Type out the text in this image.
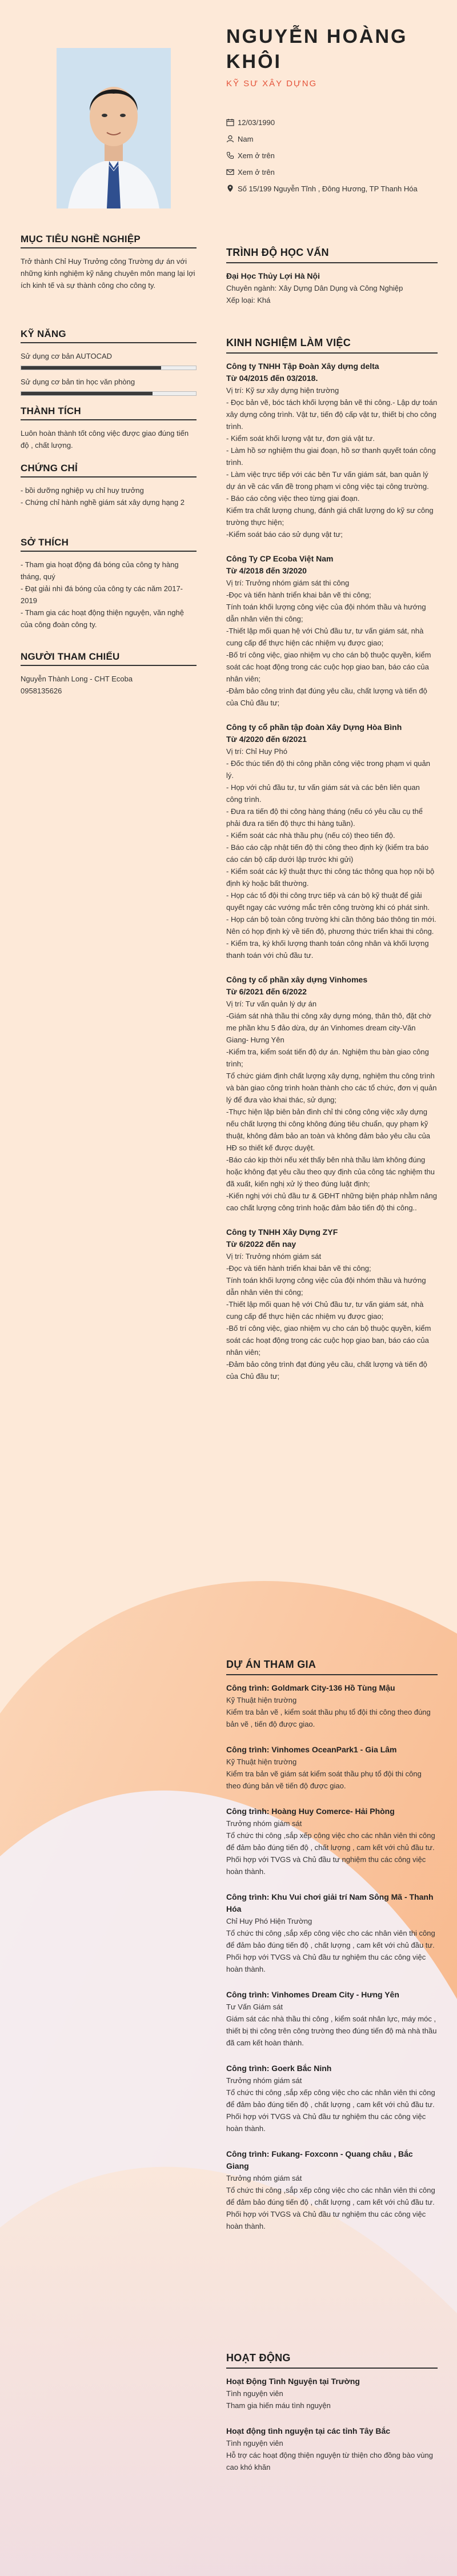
MỤC TIÊU NGHỀ NGHIỆP
Trở thành Chỉ Huy Trưởng công Trường dự án với những kinh nghiệm kỹ năng chuyên môn mang lại lợi ích kinh tế và sự thành công cho công ty.
KỸ NĂNG
Sử dụng cơ bản AUTOCAD
Sử dụng cơ bản tin học văn phòng
THÀNH TÍCH
Luôn hoàn thành tốt công việc được giao đúng tiến độ , chất lượng.
CHỨNG CHỈ
- bồi dưỡng nghiệp vụ chỉ huy trưởng
- Chứng chỉ hành nghề giám sát xây dựng hạng 2
SỞ THÍCH
- Tham gia hoạt động đá bóng của công ty hàng tháng, quý
- Đạt giải nhì đá bóng của công ty các năm 2017-2019
- Tham gia các hoạt động thiện nguyện, văn nghệ của công đoàn công ty.
NGƯỜI THAM CHIẾU
Nguyễn Thành Long - CHT Ecoba
0958135626
NGUYỄN HOÀNG KHÔI
KỸ SƯ XÂY DỰNG
12/03/1990
Nam
Xem ở trên
Xem ở trên
Số 15/199 Nguyễn Tĩnh , Đông Hương, TP Thanh Hóa
TRÌNH ĐỘ HỌC VẤN
Đại Học Thủy Lợi Hà Nội
Chuyên ngành: Xây Dựng Dân Dụng và Công Nghiệp
Xếp loại: Khá
KINH NGHIỆM LÀM VIỆC
Công ty TNHH Tập Đoàn Xây dựng delta
Từ 04/2015 đến 03/2018.
Vị trí: Kỹ sư xây dựng hiện trường
- Đọc bản vẽ, bóc tách khối lượng bản vẽ thi công.- Lập dự toán xây dựng công trình. Vật tư, tiến độ cấp vật tư, thiết bị cho công trình.
- Kiểm soát khối lượng vật tư, đơn giá vật tư.
- Làm hồ sơ nghiệm thu giai đoạn, hồ sơ thanh quyết toán công trình.
- Làm việc trực tiếp với các bên Tư vấn giám sát, ban quản lý dự án về các vấn đề trong phạm vi công việc tại công trường.
- Báo cáo công việc theo từng giai đoạn.
Kiểm tra chất lượng chung, đánh giá chất lượng do kỹ sư công trường thực hiện;
-Kiểm soát báo cáo sử dụng vật tư;
Công Ty CP Ecoba Việt Nam
Từ 4/2018 đến 3/2020
Vị trí: Trưởng nhóm giám sát thi công
-Đọc và tiến hành triển khai bản vẽ thi công;
Tính toán khối lượng công việc của đội nhóm thầu và hướng dẫn nhân viên thi công;
-Thiết lập mối quan hệ với Chủ đầu tư, tư vấn giám sát, nhà cung cấp để thực hiện các nhiệm vụ được giao;
-Bố trí công việc, giao nhiệm vụ cho cán bộ thuộc quyền, kiểm soát các hoạt động trong các cuộc họp giao ban, báo cáo của nhân viên;
-Đảm bảo công trình đạt đúng yêu cầu, chất lượng và tiến độ của Chủ đầu tư;
Công ty cổ phần tập đoàn Xây Dựng Hòa Bình
Từ 4/2020 đến 6/2021
Vị trí: Chỉ Huy Phó
- Đốc thúc tiến độ thi công phần công việc trong phạm vi quản lý.
- Họp với chủ đầu tư, tư vấn giám sát và các bên liên quan công trình.
- Đưa ra tiến độ thi công hàng tháng (nếu có yêu cầu cụ thể phải đưa ra tiến độ thực thi hàng tuần).
- Kiểm soát các nhà thầu phụ (nếu có) theo tiến độ.
- Báo cáo cập nhật tiến độ thi công theo định kỳ (kiểm tra báo cáo cán bộ cấp dưới lập trước khi gửi)
- Kiểm soát các kỹ thuật thực thi công tác thông qua họp nội bộ định kỳ hoặc bất thường.
- Họp các tổ đội thi công trực tiếp và cán bộ kỹ thuật để giải quyết ngay các vướng mắc trên công trường khi có phát sinh.
- Họp cán bộ toàn công trường khi cần thông báo thông tin mới. Nên có họp định kỳ về tiến độ, phương thức triển khai thi công.
- Kiểm tra, ký khối lượng thanh toán công nhân và khối lượng thanh toán với chủ đầu tư.
Công ty cổ phần xây dựng Vinhomes
Từ 6/2021 đến 6/2022
Vị trí: Tư vấn quản lý dự án
-Giám sát nhà thầu thi công xây dựng móng, thân thô, đặt chờ me phần khu 5 đảo dừa, dự án Vinhomes dream city-Văn Giang- Hưng Yên
-Kiểm tra, kiểm soát tiến độ dự án. Nghiệm thu bàn giao công trình;
Tổ chức giám định chất lượng xây dựng, nghiệm thu công trình và bàn giao công trình hoàn thành cho các tổ chức, đơn vị quản lý để đưa vào khai thác, sử dụng;
-Thực hiện lập biên bản đình chỉ thi công công việc xây dựng nếu chất lượng thi công không đúng tiêu chuẩn, quy phạm kỹ thuật, không đảm bảo an toàn và không đảm bảo yêu cầu của HĐ so thiết kế được duyệt.
-Báo cáo kịp thời nếu xét thấy bên nhà thầu làm không đúng hoặc không đạt yêu cầu theo quy định của công tác nghiệm thu đã xuất, kiến nghị xử lý theo đúng luật định;
-Kiến nghị với chủ đầu tư & GĐHT những biện pháp nhằm nâng cao chất lượng công trình hoặc đảm bảo tiến độ thi công..
Công ty TNHH Xây Dựng ZYF
Từ 6/2022 đến nay
Vị trí: Trưởng nhóm giám sát
-Đọc và tiến hành triển khai bản vẽ thi công;
Tính toán khối lượng công việc của đội nhóm thầu và hướng dẫn nhân viên thi công;
-Thiết lập mối quan hệ với Chủ đầu tư, tư vấn giám sát, nhà cung cấp để thực hiện các nhiệm vụ được giao;
-Bố trí công việc, giao nhiệm vụ cho cán bộ thuộc quyền, kiểm soát các hoạt động trong các cuộc họp giao ban, báo cáo của nhân viên;
-Đảm bảo công trình đạt đúng yêu cầu, chất lượng và tiến độ của Chủ đầu tư;
DỰ ÁN THAM GIA
Công trình: Goldmark City-136 Hồ Tùng Mậu
Kỹ Thuật hiện trường
Kiểm tra bản vẽ , kiểm soát thầu phụ tổ đội thi công theo đúng bản vẽ , tiến độ được giao.
Công trình: Vinhomes OceanPark1 - Gia Lâm
Kỹ Thuật hiện trường
Kiểm tra bản vẽ giám sát kiểm soát thầu phụ tổ đội thi công theo đúng bản vẽ tiến độ được giao.
Công trình: Hoàng Huy Comerce- Hải Phòng
Trưởng nhóm giám sát
Tổ chức thi công ,sắp xếp công việc cho các nhân viên thi công để đảm bảo đúng tiến độ , chất lượng , cam kết với chủ đầu tư. Phối hợp với TVGS và Chủ đầu tư nghiệm thu các công việc hoàn thành.
Công trình: Khu Vui chơi giải trí Nam Sông Mã - Thanh Hóa
Chỉ Huy Phó Hiện Trường
Tổ chức thi công ,sắp xếp công việc cho các nhân viên thi công để đảm bảo đúng tiến độ , chất lượng , cam kết với chủ đầu tư. Phối hợp với TVGS và Chủ đầu tư nghiệm thu các công việc hoàn thành.
Công trình: Vinhomes Dream City - Hưng Yên
Tư Vấn Giám sát
Giám sát các nhà thầu thi công , kiểm soát nhân lực, máy móc , thiết bị thi công trên công trường theo đúng tiến độ mà nhà thầu đã cam kết hoàn thành.
Công trình: Goerk Bắc Ninh
Trưởng nhóm giám sát
Tổ chức thi công ,sắp xếp công việc cho các nhân viên thi công để đảm bảo đúng tiến độ , chất lượng , cam kết với chủ đầu tư. Phối hợp với TVGS và Chủ đầu tư nghiệm thu các công việc hoàn thành.
Công trình: Fukang- Foxconn - Quang châu , Bắc Giang
Trưởng nhóm giám sát
Tổ chức thi công ,sắp xếp công việc cho các nhân viên thi công để đảm bảo đúng tiến độ , chất lượng , cam kết với chủ đầu tư. Phối hợp với TVGS và Chủ đầu tư nghiệm thu các công việc hoàn thành.
HOẠT ĐỘNG
Hoạt Động Tình Nguyện tại Trường
Tình nguyện viên
Tham gia hiến máu tình nguyện
Hoạt động tình nguyện tại các tỉnh Tây Bắc
Tình nguyện viên
Hỗ trợ các hoạt động thiện nguyện từ thiện cho đồng bào vùng cao khó khăn
